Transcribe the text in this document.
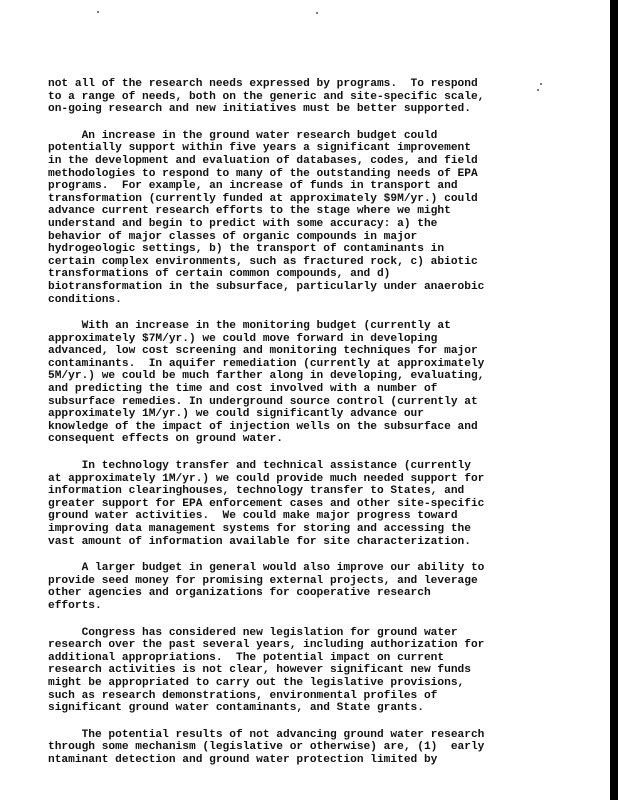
not all of the research needs expressed by programs.  To respond
to a range of needs, both on the generic and site-specific scale,
on-going research and new initiatives must be better supported.
An increase in the ground water research budget could
potentially support within five years a significant improvement
in the development and evaluation of databases, codes, and field
methodologies to respond to many of the outstanding needs of EPA
programs.  For example, an increase of funds in transport and
transformation (currently funded at approximately $9M/yr.) could
advance current research efforts to the stage where we might
understand and begin to predict with some accuracy: a) the
behavior of major classes of organic compounds in major
hydrogeologic settings, b) the transport of contaminants in
certain complex environments, such as fractured rock, c) abiotic
transformations of certain common compounds, and d)
biotransformation in the subsurface, particularly under anaerobic
conditions.
With an increase in the monitoring budget (currently at
approximately $7M/yr.) we could move forward in developing
advanced, low cost screening and monitoring techniques for major
contaminants.  In aquifer remediation (currently at approximately
5M/yr.) we could be much farther along in developing, evaluating,
and predicting the time and cost involved with a number of
subsurface remedies. In underground source control (currently at
approximately 1M/yr.) we could significantly advance our
knowledge of the impact of injection wells on the subsurface and
consequent effects on ground water.
In technology transfer and technical assistance (currently
at approximately 1M/yr.) we could provide much needed support for
information clearinghouses, technology transfer to States, and
greater support for EPA enforcement cases and other site-specific
ground water activities.  We could make major progress toward
improving data management systems for storing and accessing the
vast amount of information available for site characterization.
A larger budget in general would also improve our ability to
provide seed money for promising external projects, and leverage
other agencies and organizations for cooperative research
efforts.
Congress has considered new legislation for ground water
research over the past several years, including authorization for
additional appropriations.  The potential impact on current
research activities is not clear, however significant new funds
might be appropriated to carry out the legislative provisions,
such as research demonstrations, environmental profiles of
significant ground water contaminants, and State grants.
The potential results of not advancing ground water research
through some mechanism (legislative or otherwise) are, (1)  early
ntaminant detection and ground water protection limited by
